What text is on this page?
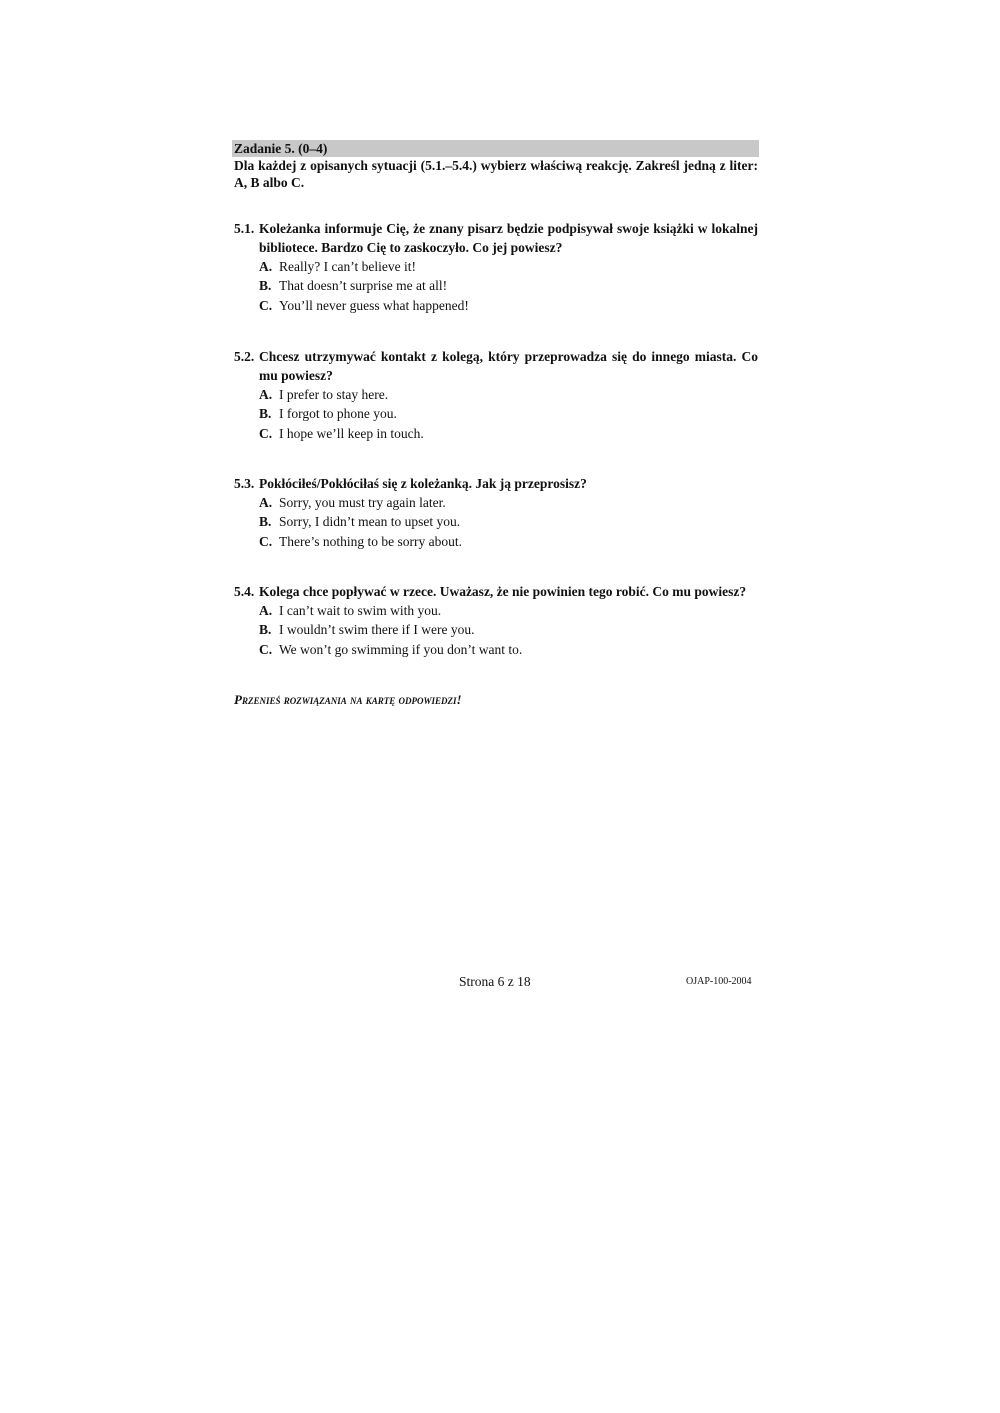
Zadanie 5. (0–4)
Dla każdej z opisanych sytuacji (5.1.–5.4.) wybierz właściwą reakcję. Zakreśl jedną z liter: A, B albo C.
5.1. Koleżanka informuje Cię, że znany pisarz będzie podpisywał swoje książki w lokalnej bibliotece. Bardzo Cię to zaskoczyło. Co jej powiesz?
A. Really? I can’t believe it!
B. That doesn’t surprise me at all!
C. You’ll never guess what happened!
5.2. Chcesz utrzymywać kontakt z kolegą, który przeprowadza się do innego miasta. Co mu powiesz?
A. I prefer to stay here.
B. I forgot to phone you.
C. I hope we’ll keep in touch.
5.3. Pokłóciłeś/Pokłóciłaś się z koleżanką. Jak ją przeprosisz?
A. Sorry, you must try again later.
B. Sorry, I didn’t mean to upset you.
C. There’s nothing to be sorry about.
5.4. Kolega chce popływać w rzece. Uważasz, że nie powinien tego robić. Co mu powiesz?
A. I can’t wait to swim with you.
B. I wouldn’t swim there if I were you.
C. We won’t go swimming if you don’t want to.
Przenieś rozwiązania na kartę odpowiedzi!
Strona 6 z 18	OJAP-100-2004
